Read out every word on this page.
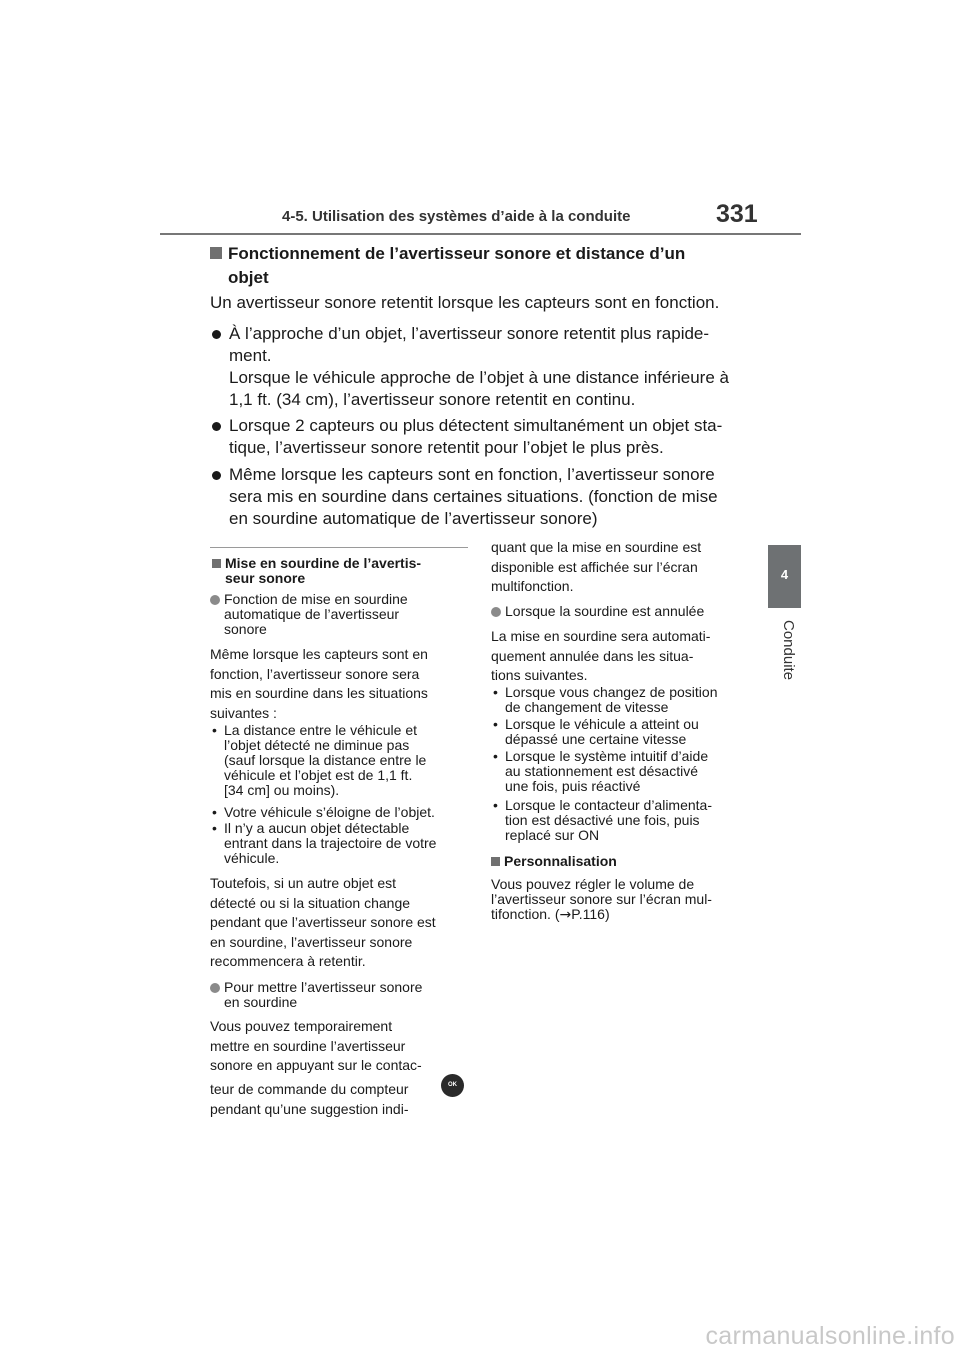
4-5. Utilisation des systèmes d’aide à la conduite	331
4
Conduite
Fonctionnement de l’avertisseur sonore et distance d’un
objet
Un avertisseur sonore retentit lorsque les capteurs sont en fonction.
À l’approche d’un objet, l’avertisseur sonore retentit plus rapide-
ment.
Lorsque le véhicule approche de l’objet à une distance inférieure à
1,1 ft. (34 cm), l’avertisseur sonore retentit en continu.
Lorsque 2 capteurs ou plus détectent simultanément un objet sta-
tique, l’avertisseur sonore retentit pour l’objet le plus près.
Même lorsque les capteurs sont en fonction, l’avertisseur sonore
sera mis en sourdine dans certaines situations. (fonction de mise
en sourdine automatique de l’avertisseur sonore)
Mise en sourdine de l’avertis-
seur sonore
Fonction de mise en sourdine
automatique de l’avertisseur
sonore
Même lorsque les capteurs sont en
fonction, l’avertisseur sonore sera
mis en sourdine dans les situations
suivantes :
• La distance entre le véhicule et
l’objet détecté ne diminue pas
(sauf lorsque la distance entre le
véhicule et l’objet est de 1,1 ft.
[34 cm] ou moins).
• Votre véhicule s’éloigne de l’objet.
• Il n’y a aucun objet détectable
entrant dans la trajectoire de votre
véhicule.
Toutefois, si un autre objet est
détecté ou si la situation change
pendant que l’avertisseur sonore est
en sourdine, l’avertisseur sonore
recommencera à retentir.
Pour mettre l’avertisseur sonore
en sourdine
Vous pouvez temporairement
mettre en sourdine l’avertisseur
sonore en appuyant sur le contac-
teur de commande du compteur	OK
pendant qu’une suggestion indi-
quant que la mise en sourdine est
disponible est affichée sur l’écran
multifonction.
Lorsque la sourdine est annulée
La mise en sourdine sera automati-
quement annulée dans les situa-
tions suivantes.
• Lorsque vous changez de position
de changement de vitesse
• Lorsque le véhicule a atteint ou
dépassé une certaine vitesse
• Lorsque le système intuitif d’aide
au stationnement est désactivé
une fois, puis réactivé
• Lorsque le contacteur d’alimenta-
tion est désactivé une fois, puis
replacé sur ON
Personnalisation
Vous pouvez régler le volume de
l’avertisseur sonore sur l’écran mul-
tifonction. (→P.116)
carmanualsonline.info
